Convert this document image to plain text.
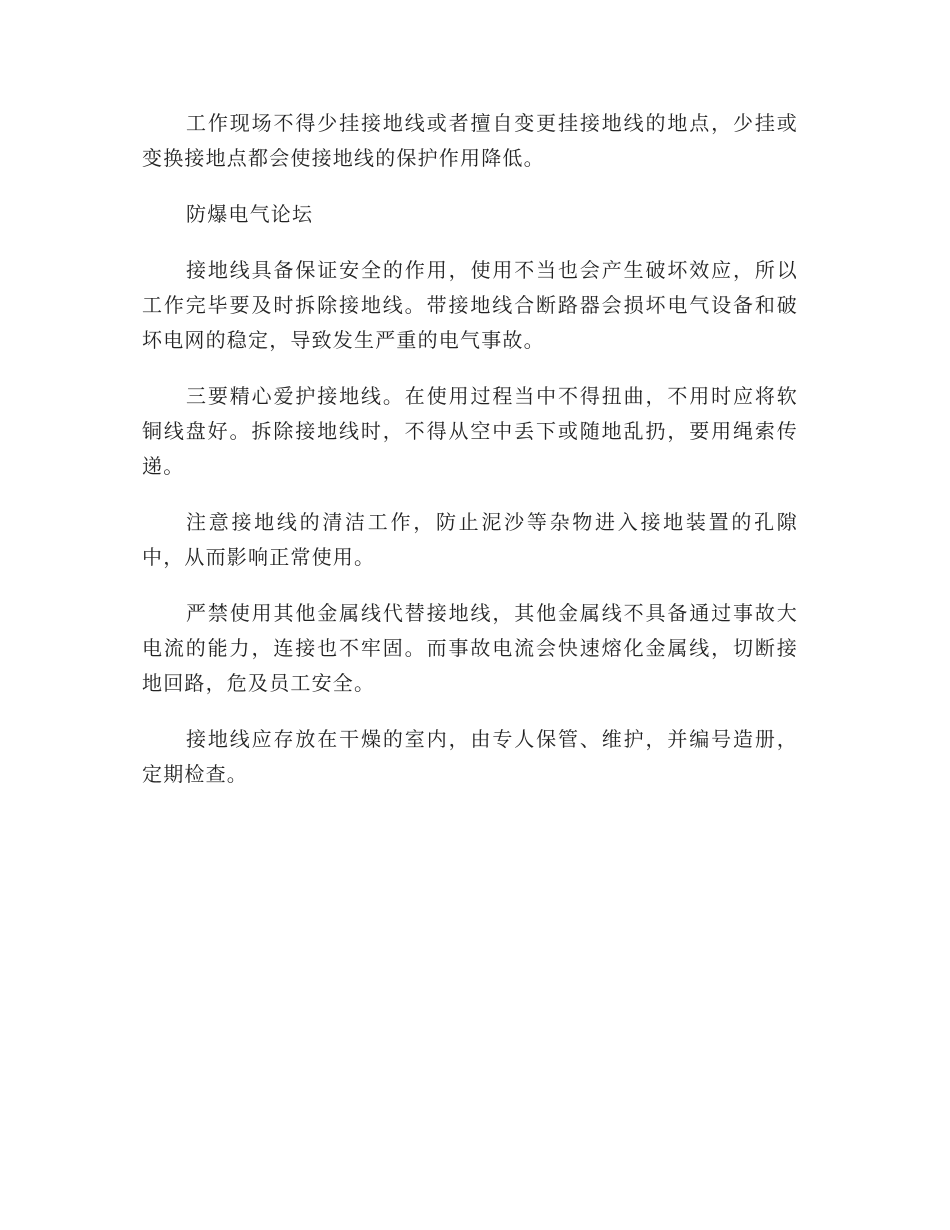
工作现场不得少挂接地线或者擅自变更挂接地线的地点，少挂或变换接地点都会使接地线的保护作用降低。

防爆电气论坛

接地线具备保证安全的作用，使用不当也会产生破坏效应，所以工作完毕要及时拆除接地线。带接地线合断路器会损坏电气设备和破坏电网的稳定，导致发生严重的电气事故。

三要精心爱护接地线。在使用过程当中不得扭曲，不用时应将软铜线盘好。拆除接地线时，不得从空中丢下或随地乱扔，要用绳索传递。

注意接地线的清洁工作，防止泥沙等杂物进入接地装置的孔隙中，从而影响正常使用。

严禁使用其他金属线代替接地线，其他金属线不具备通过事故大电流的能力，连接也不牢固。而事故电流会快速熔化金属线，切断接地回路，危及员工安全。

接地线应存放在干燥的室内，由专人保管、维护，并编号造册，定期检查。
